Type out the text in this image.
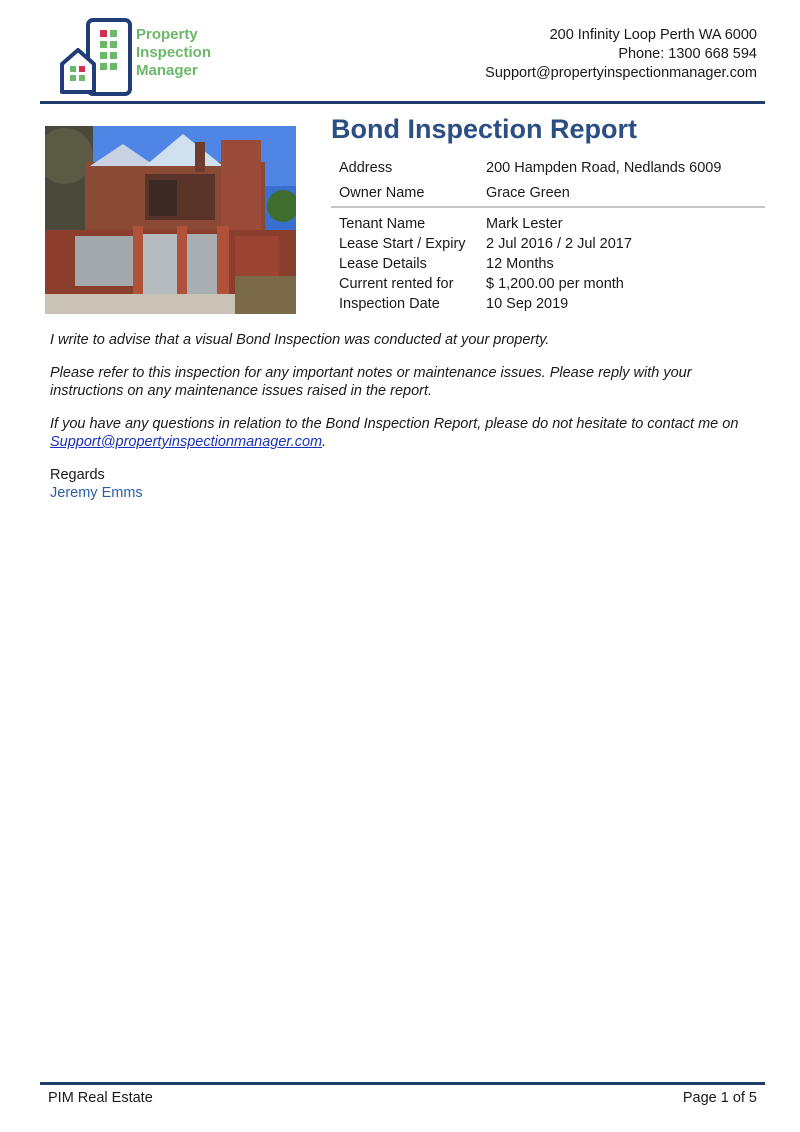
Property
Inspection
Manager
200 Infinity Loop Perth WA 6000
Phone: 1300 668 594
Support@propertyinspectionmanager.com
Bond Inspection Report
Address	200 Hampden Road, Nedlands 6009
Owner Name	Grace Green
Tenant Name	Mark Lester
Lease Start / Expiry	2 Jul 2016 / 2 Jul 2017
Lease Details	12 Months
Current rented for	$ 1,200.00 per month
Inspection Date	10 Sep 2019

I write to advise that a visual Bond Inspection was conducted at your property.

Please refer to this inspection for any important notes or maintenance issues. Please reply with your instructions on any maintenance issues raised in the report.

If you have any questions in relation to the Bond Inspection Report, please do not hesitate to contact me on Support@propertyinspectionmanager.com.

Regards
Jeremy Emms
PIM Real Estate	Page 1 of 5
